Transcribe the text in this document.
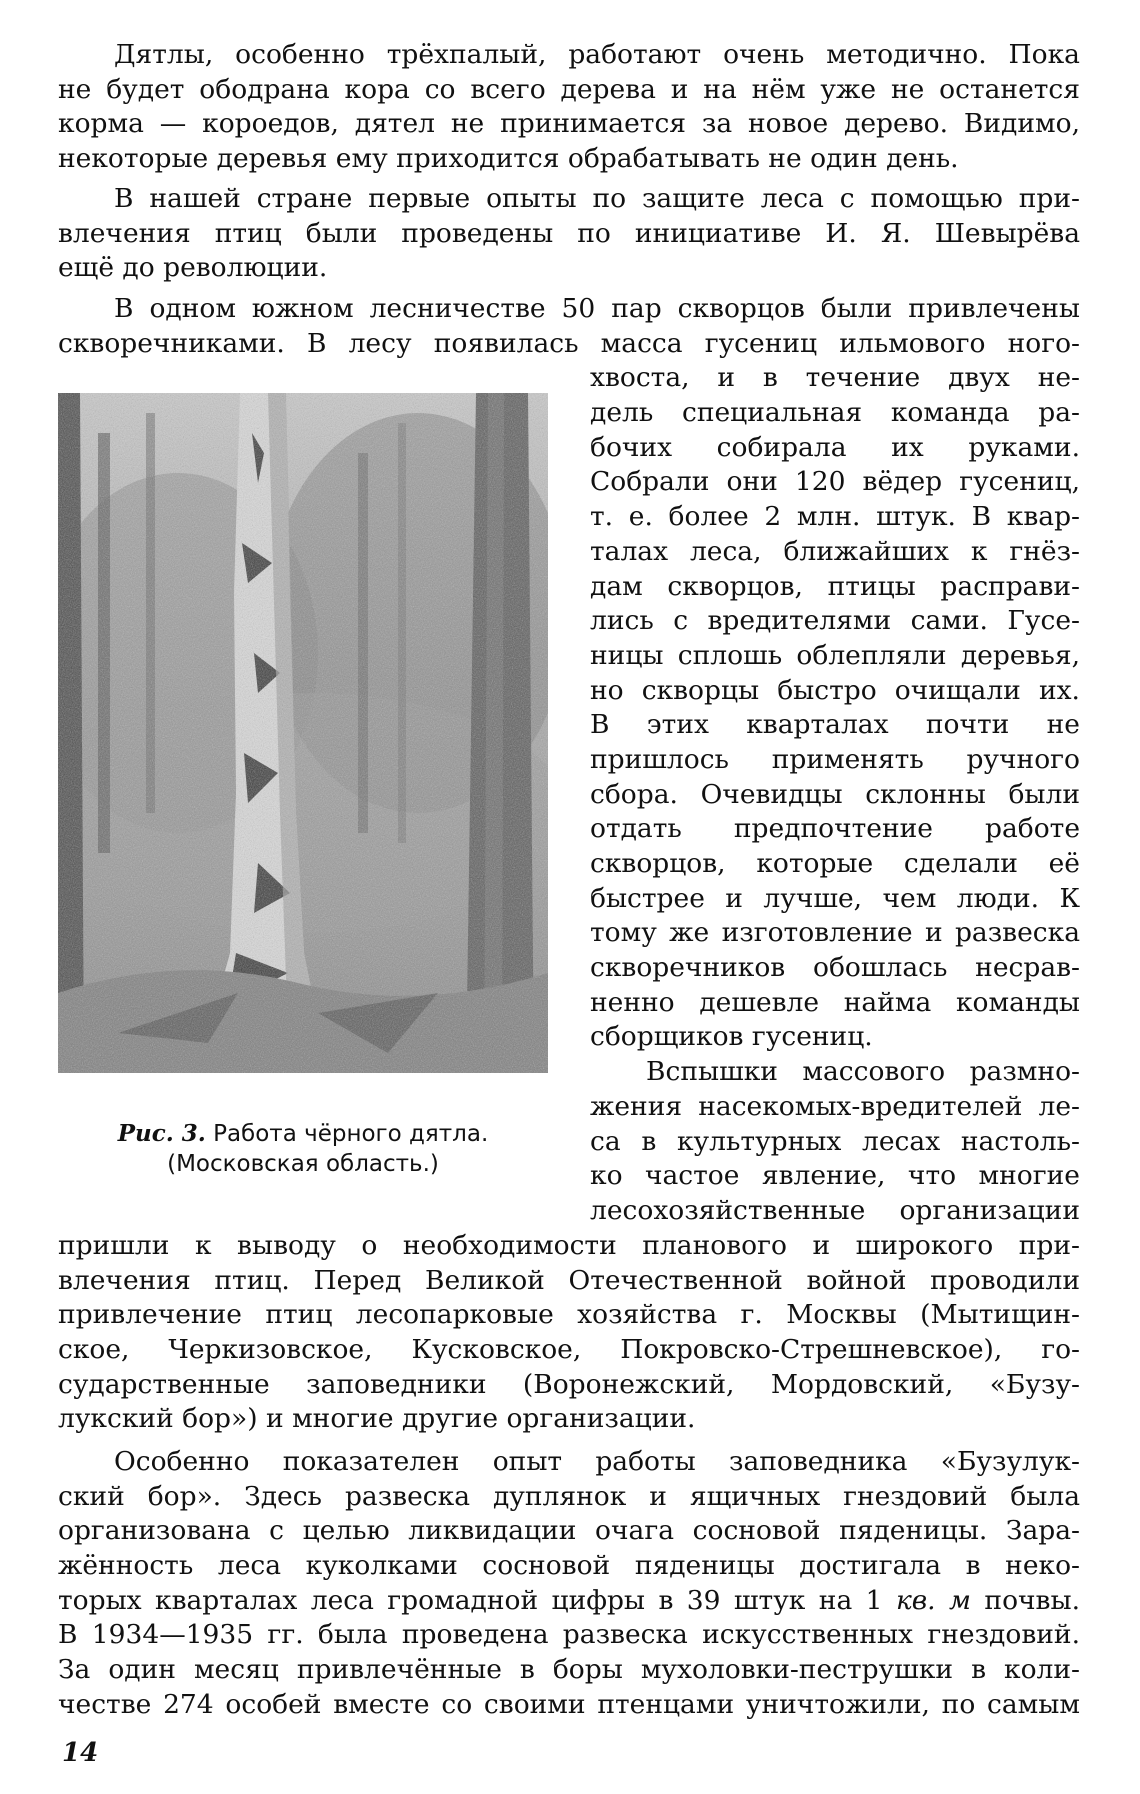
Дятлы, особенно трёхпалый, работают очень методично. Пока
не будет ободрана кора со всего дерева и на нём уже не останется
корма — короедов, дятел не принимается за новое дерево. Видимо,
некоторые деревья ему приходится обрабатывать не один день.
В нашей стране первые опыты по защите леса с помощью при-
влечения птиц были проведены по инициативе И. Я. Шевырёва
ещё до революции.
В одном южном лесничестве 50 пар скворцов были привлечены
скворечниками. В лесу появилась масса гусениц ильмового ного-
Рис. 3. Работа чёрного дятла.
(Московская область.)
хвоста, и в течение двух не-
дель специальная команда ра-
бочих собирала их руками.
Собрали они 120 вёдер гусениц,
т. е. более 2 млн. штук. В квар-
талах леса, ближайших к гнёз-
дам скворцов, птицы расправи-
лись с вредителями сами. Гусе-
ницы сплошь облепляли деревья,
но скворцы быстро очищали их.
В этих кварталах почти не
пришлось применять ручного
сбора. Очевидцы склонны были
отдать предпочтение работе
скворцов, которые сделали её
быстрее и лучше, чем люди. К
тому же изготовление и развеска
скворечников обошлась несрав-
ненно дешевле найма команды
сборщиков гусениц.
Вспышки массового размно-
жения насекомых-вредителей ле-
са в культурных лесах настоль-
ко частое явление, что многие
лесохозяйственные организации
пришли к выводу о необходимости планового и широкого при-
влечения птиц. Перед Великой Отечественной войной проводили
привлечение птиц лесопарковые хозяйства г. Москвы (Мытищин-
ское, Черкизовское, Кусковское, Покровско-Стрешневское), го-
сударственные заповедники (Воронежский, Мордовский, «Бузу-
лукский бор») и многие другие организации.
Особенно показателен опыт работы заповедника «Бузулук-
ский бор». Здесь развеска дуплянок и ящичных гнездовий была
организована с целью ликвидации очага сосновой пяденицы. Зара-
жённость леса куколками сосновой пяденицы достигала в неко-
торых кварталах леса громадной цифры в 39 штук на 1 кв. м почвы.
В 1934—1935 гг. была проведена развеска искусственных гнездовий.
За один месяц привлечённые в боры мухоловки-пеструшки в коли-
честве 274 особей вместе со своими птенцами уничтожили, по самым
14
